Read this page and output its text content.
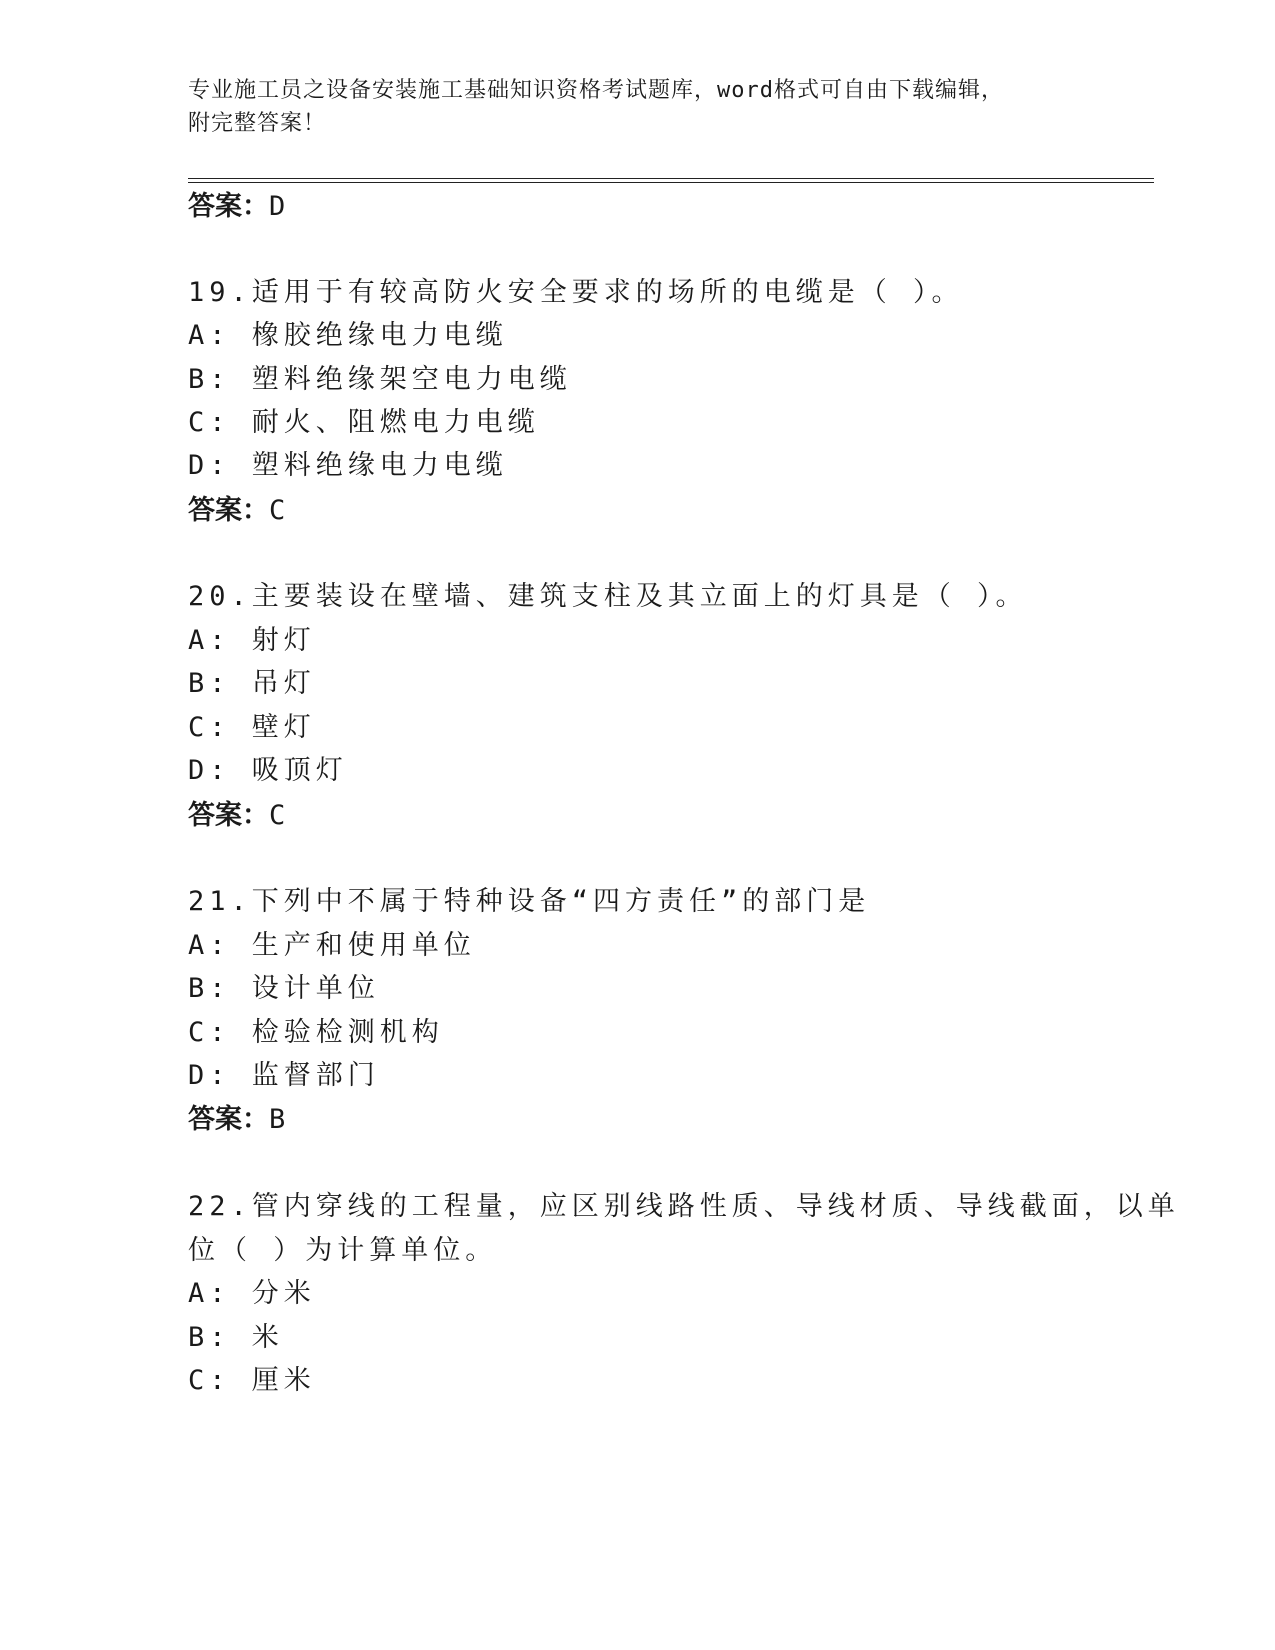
专业施工员之设备安装施工基础知识资格考试题库，word格式可自由下载编辑，
附完整答案！
答案：D
19.适用于有较高防火安全要求的场所的电缆是（ ）。
A: 橡胶绝缘电力电缆
B: 塑料绝缘架空电力电缆
C: 耐火、阻燃电力电缆
D: 塑料绝缘电力电缆
答案：C
20.主要装设在壁墙、建筑支柱及其立面上的灯具是（ ）。
A: 射灯
B: 吊灯
C: 壁灯
D: 吸顶灯
答案：C
21.下列中不属于特种设备“四方责任”的部门是
A: 生产和使用单位
B: 设计单位
C: 检验检测机构
D: 监督部门
答案：B
22.管内穿线的工程量，应区别线路性质、导线材质、导线截面，以单
位（ ）为计算单位。
A: 分米
B: 米
C: 厘米
